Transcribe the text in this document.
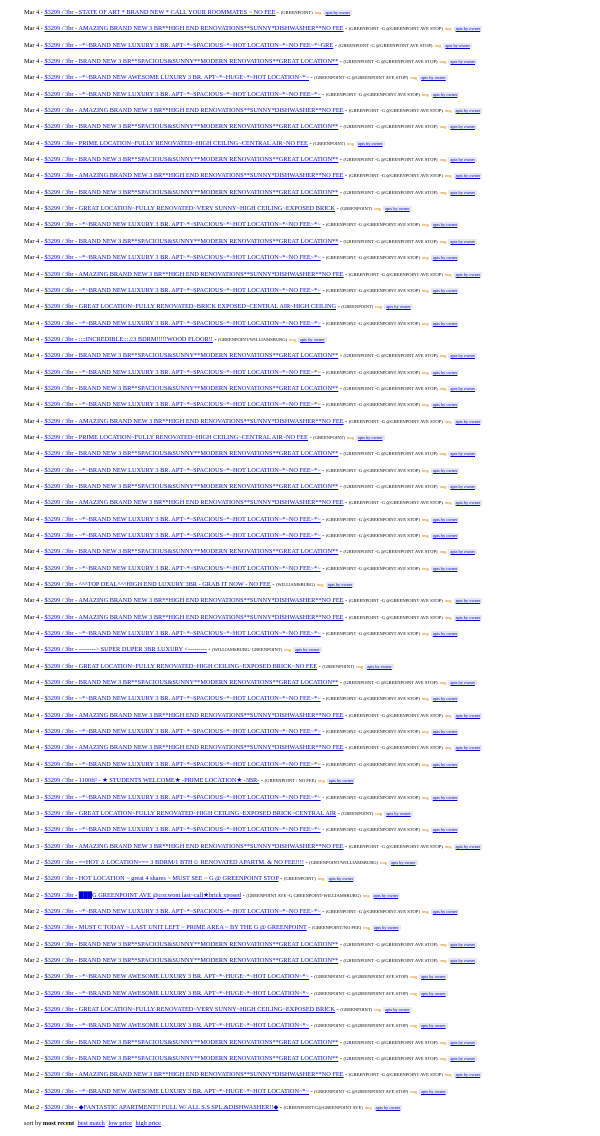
Mar 4 - $3299 / 3br - STATE OF ART * BRAND NEW * CALL YOUR ROOMMATES ~ NO FEE - (GREENPOINT) img apts by owner
Mar 4 - $3299 / 3br - AMAZING BRAND NEW 3 BR**HIGH END RENOVATIONS**SUNNY*DISHWASHER**NO FEE - (GREENPOINT -G @GREENPOINT AVE STOP) img apts by owner
Mar 4 - $3299 / 3br - ~*~BRAND NEW LUXURY 3 BR. APT~*~SPACIOUS~*~HOT LOCATION~*~NO FEE~*~GRE - (GREENPOINT -G @GREENPOINT AVE STOP) img apts by owner
Mar 4 - $3299 / 3br - BRAND NEW 3 BR**SPACIOUS&SUNNY**MODERN RENOVATIONS**GREAT LOCATION** - (GREENPOINT -G @GREENPOINT AVE STOP) img apts by owner
Mar 4 - $3299 / 3br - ~*~BRAND NEW AWESOME LUXURY 3 BR. APT~*~HUGE~*~HOT LOCATION~*~ - (GREENPOINT -G @GREENPOINT AVE STOP) img apts by owner
Mar 4 - $3299 / 3br - ~*~BRAND NEW LUXURY 3 BR. APT~*~SPACIOUS~*~HOT LOCATION~*~NO FEE~*~ - (GREENPOINT -G @GREENPOINT AVE STOP) img apts by owner
Mar 4 - $3299 / 3br - AMAZING BRAND NEW 3 BR**HIGH END RENOVATIONS**SUNNY*DISHWASHER**NO FEE - (GREENPOINT -G @GREENPOINT AVE STOP) img apts by owner
Mar 4 - $3299 / 3br - BRAND NEW 3 BR**SPACIOUS&SUNNY**MODERN RENOVATIONS**GREAT LOCATION** - (GREENPOINT -G @GREENPOINT AVE STOP) img apts by owner
Mar 4 - $3299 / 3br - PRIME LOCATION~FULLY RENOVATED~HIGH CEILING~CENTRAL AIR~NO FEE - (GREENPOINT) img apts by owner
Mar 4 - $3299 / 3br - BRAND NEW 3 BR**SPACIOUS&SUNNY**MODERN RENOVATIONS**GREAT LOCATION** - (GREENPOINT -G @GREENPOINT AVE STOP) img apts by owner
Mar 4 - $3299 / 3br - AMAZING BRAND NEW 3 BR**HIGH END RENOVATIONS**SUNNY*DISHWASHER**NO FEE - (GREENPOINT -G @GREENPOINT AVE STOP) img apts by owner
Mar 4 - $3299 / 3br - BRAND NEW 3 BR**SPACIOUS&SUNNY**MODERN RENOVATIONS**GREAT LOCATION** - (GREENPOINT -G @GREENPOINT AVE STOP) img apts by owner
Mar 4 - $3299 / 3br - GREAT LOCATION~FULLY RENOVATED~VERY SUNNY~HIGH CEILING~EXPOSED BRICK - (GREENPOINT) img apts by owner
Mar 4 - $3299 / 3br - ~*~BRAND NEW LUXURY 3 BR. APT~*~SPACIOUS~*~HOT LOCATION~*~NO FEE~*~ - (GREENPOINT -G @GREENPOINT AVE STOP) img apts by owner
Mar 4 - $3299 / 3br - BRAND NEW 3 BR**SPACIOUS&SUNNY**MODERN RENOVATIONS**GREAT LOCATION** - (GREENPOINT -G @GREENPOINT AVE STOP) img apts by owner
Mar 4 - $3299 / 3br - ~*~BRAND NEW LUXURY 3 BR. APT~*~SPACIOUS~*~HOT LOCATION~*~NO FEE~*~ - (GREENPOINT -G @GREENPOINT AVE STOP) img apts by owner
Mar 4 - $3299 / 3br - AMAZING BRAND NEW 3 BR**HIGH END RENOVATIONS**SUNNY*DISHWASHER**NO FEE - (GREENPOINT -G @GREENPOINT AVE STOP) img apts by owner
Mar 4 - $3299 / 3br - ~*~BRAND NEW LUXURY 3 BR. APT~*~SPACIOUS~*~HOT LOCATION~*~NO FEE~*~ - (GREENPOINT -G @GREENPOINT AVE STOP) img apts by owner
Mar 4 - $3299 / 3br - GREAT LOCATION~FULLY RENOVATED~BRICK EXPOSED~CENTRAL AIR~HIGH CEILING - (GREENPOINT) img apts by owner
Mar 4 - $3299 / 3br - ~*~BRAND NEW LUXURY 3 BR. APT~*~SPACIOUS~*~HOT LOCATION~*~NO FEE~*~ - (GREENPOINT -G @GREENPOINT AVE STOP) img apts by owner
Mar 4 - $3299 / 3br - ::::INCREDIBLE:::♫3 BDRM!!!!!WOOD FLOOR!! - (GREENPOINT/WILLIAMSBURG) img apts by owner
Mar 4 - $3299 / 3br - BRAND NEW 3 BR**SPACIOUS&SUNNY**MODERN RENOVATIONS**GREAT LOCATION** - (GREENPOINT -G @GREENPOINT AVE STOP) img apts by owner
Mar 4 - $3299 / 3br - ~*~BRAND NEW LUXURY 3 BR. APT~*~SPACIOUS~*~HOT LOCATION~*~NO FEE~*~ - (GREENPOINT -G @GREENPOINT AVE STOP) img apts by owner
Mar 4 - $3299 / 3br - BRAND NEW 3 BR**SPACIOUS&SUNNY**MODERN RENOVATIONS**GREAT LOCATION** - (GREENPOINT -G @GREENPOINT AVE STOP) img apts by owner
Mar 4 - $3299 / 3br - ~*~BRAND NEW LUXURY 3 BR. APT~*~SPACIOUS~*~HOT LOCATION~*~NO FEE~*~ - (GREENPOINT -G @GREENPOINT AVE STOP) img apts by owner
Mar 4 - $3299 / 3br - AMAZING BRAND NEW 3 BR**HIGH END RENOVATIONS**SUNNY*DISHWASHER**NO FEE - (GREENPOINT -G @GREENPOINT AVE STOP) img apts by owner
Mar 4 - $3299 / 3br - PRIME LOCATION~FULLY RENOVATED~HIGH CEILING~CENTRAL AIR~NO FEE - (GREENPOINT) img apts by owner
Mar 4 - $3299 / 3br - BRAND NEW 3 BR**SPACIOUS&SUNNY**MODERN RENOVATIONS**GREAT LOCATION** - (GREENPOINT -G @GREENPOINT AVE STOP) img apts by owner
Mar 4 - $3299 / 3br - ~*~BRAND NEW LUXURY 3 BR. APT~*~SPACIOUS~*~HOT LOCATION~*~NO FEE~*~ - (GREENPOINT -G @GREENPOINT AVE STOP) img apts by owner
Mar 4 - $3299 / 3br - BRAND NEW 3 BR**SPACIOUS&SUNNY**MODERN RENOVATIONS**GREAT LOCATION** - (GREENPOINT -G @GREENPOINT AVE STOP) img apts by owner
Mar 4 - $3299 / 3br - AMAZING BRAND NEW 3 BR**HIGH END RENOVATIONS**SUNNY*DISHWASHER**NO FEE - (GREENPOINT -G @GREENPOINT AVE STOP) img apts by owner
Mar 4 - $3299 / 3br - ~*~BRAND NEW LUXURY 3 BR. APT~*~SPACIOUS~*~HOT LOCATION~*~NO FEE~*~ - (GREENPOINT -G @GREENPOINT AVE STOP) img apts by owner
Mar 4 - $3299 / 3br - ~*~BRAND NEW LUXURY 3 BR. APT~*~SPACIOUS~*~HOT LOCATION~*~NO FEE~*~ - (GREENPOINT -G @GREENPOINT AVE STOP) img apts by owner
Mar 4 - $3299 / 3br - BRAND NEW 3 BR**SPACIOUS&SUNNY**MODERN RENOVATIONS**GREAT LOCATION** - (GREENPOINT -G @GREENPOINT AVE STOP) img apts by owner
Mar 4 - $3299 / 3br - ~*~BRAND NEW LUXURY 3 BR. APT~*~SPACIOUS~*~HOT LOCATION~*~NO FEE~*~ - (GREENPOINT -G @GREENPOINT AVE STOP) img apts by owner
Mar 4 - $3299 / 3br - ^^^TOP DEAL^^^HIGH END LUXURY 3BR - GRAB IT NOW - NO FEE - (WILLIAMSBURG) img apts by owner
Mar 4 - $3299 / 3br - AMAZING BRAND NEW 3 BR**HIGH END RENOVATIONS**SUNNY*DISHWASHER**NO FEE - (GREENPOINT -G @GREENPOINT AVE STOP) img apts by owner
Mar 4 - $3299 / 3br - AMAZING BRAND NEW 3 BR**HIGH END RENOVATIONS**SUNNY*DISHWASHER**NO FEE - (GREENPOINT -G @GREENPOINT AVE STOP) img apts by owner
Mar 4 - $3299 / 3br - ~*~BRAND NEW LUXURY 3 BR. APT~*~SPACIOUS~*~HOT LOCATION~*~NO FEE~*~ - (GREENPOINT -G @GREENPOINT AVE STOP) img apts by owner
Mar 4 - $3299 / 3br - --------> SUPER DUPER 3BR LUXURY <--------- - (WILLIAMSBURG/ GREENPOINT) img apts by owner
Mar 4 - $3299 / 3br - GREAT LOCATION~FULLY RENOVATED~HIGH CEILING~EXPOSED BRICK~NO FEE - (GREENPOINT) img apts by owner
Mar 4 - $3299 / 3br - BRAND NEW 3 BR**SPACIOUS&SUNNY**MODERN RENOVATIONS**GREAT LOCATION** - (GREENPOINT -G @GREENPOINT AVE STOP) img apts by owner
Mar 4 - $3299 / 3br - ~*~BRAND NEW LUXURY 3 BR. APT~*~SPACIOUS~*~HOT LOCATION~*~NO FEE~*~ - (GREENPOINT -G @GREENPOINT AVE STOP) img apts by owner
Mar 4 - $3299 / 3br - AMAZING BRAND NEW 3 BR**HIGH END RENOVATIONS**SUNNY*DISHWASHER**NO FEE - (GREENPOINT -G @GREENPOINT AVE STOP) img apts by owner
Mar 4 - $3299 / 3br - ~*~BRAND NEW LUXURY 3 BR. APT~*~SPACIOUS~*~HOT LOCATION~*~NO FEE~*~ - (GREENPOINT -G @GREENPOINT AVE STOP) img apts by owner
Mar 4 - $3299 / 3br - AMAZING BRAND NEW 3 BR**HIGH END RENOVATIONS**SUNNY*DISHWASHER**NO FEE - (GREENPOINT -G @GREENPOINT AVE STOP) img apts by owner
Mar 4 - $3299 / 3br - ~*~BRAND NEW LUXURY 3 BR. APT~*~SPACIOUS~*~HOT LOCATION~*~NO FEE~*~ - (GREENPOINT -G @GREENPOINT AVE STOP) img apts by owner
Mar 3 - $3299 / 3br - 1100ft² - ★ STUDENTS WELCOME★ -PRIME LOCATION★ -3BR- - (GREENPOINT / NO FEE) img apts by owner
Mar 3 - $3299 / 3br - ~*~BRAND NEW LUXURY 3 BR. APT~*~SPACIOUS~*~HOT LOCATION~*~NO FEE~*~ - (GREENPOINT -G @GREENPOINT AVE STOP) img apts by owner
Mar 3 - $3299 / 3br - GREAT LOCATION~FULLY RENOVATED~HIGH CEILING~EXPOSED BRICK~CENTRAL AIR - (GREENPOINT) img apts by owner
Mar 3 - $3299 / 3br - ~*~BRAND NEW LUXURY 3 BR. APT~*~SPACIOUS~*~HOT LOCATION~*~NO FEE~*~ - (GREENPOINT -G @GREENPOINT AVE STOP) img apts by owner
Mar 3 - $3299 / 3br - AMAZING BRAND NEW 3 BR**HIGH END RENOVATIONS**SUNNY*DISHWASHER**NO FEE - (GREENPOINT -G @GREENPOINT AVE STOP) img apts by owner
Mar 2 - $3299 / 3br - ==HOT ♫ LOCATION=== 3 BDRM/1 BTH☺ RENOVATED APARTM. & NO FEE!!!! - (GREENPOINT/WILLIAMSBURG) img apts by owner
Mar 2 - $3299 / 3br - HOT LOCATION ~ great 4 shares ~ MUST SEE ~ G @ GREENPOINT STOP - (GREENPOINT) img apts by owner
Mar 2 - $3299 / 3br - ███G GREENPOINT AVE @cor.wont last~call★brick xposed - (GREENPOINT AVE -G GREENPOINT-WILLIAMSBURG) img apts by owner
Mar 2 - $3299 / 3br - ~*~BRAND NEW LUXURY 3 BR. APT~*~SPACIOUS~*~HOT LOCATION~*~NO FEE~*~ - (GREENPOINT -G @GREENPOINT AVE STOP) img apts by owner
Mar 2 - $3299 / 3br - MUST C TODAY ~ LAST UNIT LEFT ~ PRIME AREA ~ BY THE G @ GREENPOINT - (GREENPOINT/NO FEE) img apts by owner
Mar 2 - $3299 / 3br - BRAND NEW 3 BR**SPACIOUS&SUNNY**MODERN RENOVATIONS**GREAT LOCATION** - (GREENPOINT -G @GREENPOINT AVE STOP) img apts by owner
Mar 2 - $3299 / 3br - BRAND NEW 3 BR**SPACIOUS&SUNNY**MODERN RENOVATIONS**GREAT LOCATION** - (GREENPOINT -G @GREENPOINT AVE STOP) img apts by owner
Mar 2 - $3299 / 3br - ~*~BRAND NEW AWESOME LUXURY 3 BR. APT~*~HUGE~*~HOT LOCATION~*~ - (GREENPOINT -G @GREENPOINT AVE STOP) img apts by owner
Mar 2 - $3299 / 3br - ~*~BRAND NEW AWESOME LUXURY 3 BR. APT~*~HUGE~*~HOT LOCATION~*~ - (GREENPOINT -G @GREENPOINT AVE STOP) img apts by owner
Mar 2 - $3299 / 3br - GREAT LOCATION~FULLY RENOVATED~VERY SUNNY~HIGH CEILING~EXPOSED BRICK - (GREENPOINT) img apts by owner
Mar 2 - $3299 / 3br - ~*~BRAND NEW AWESOME LUXURY 3 BR. APT~*~HUGE~*~HOT LOCATION~*~ - (GREENPOINT -G @GREENPOINT AVE STOP) img apts by owner
Mar 2 - $3299 / 3br - BRAND NEW 3 BR**SPACIOUS&SUNNY**MODERN RENOVATIONS**GREAT LOCATION** - (GREENPOINT -G @GREENPOINT AVE STOP) img apts by owner
Mar 2 - $3299 / 3br - BRAND NEW 3 BR**SPACIOUS&SUNNY**MODERN RENOVATIONS**GREAT LOCATION** - (GREENPOINT -G @GREENPOINT AVE STOP) img apts by owner
Mar 2 - $3299 / 3br - AMAZING BRAND NEW 3 BR**HIGH END RENOVATIONS**SUNNY*DISHWASHER**NO FEE - (GREENPOINT -G @GREENPOINT AVE STOP) img apts by owner
Mar 2 - $3299 / 3br - ~*~BRAND NEW AWESOME LUXURY 3 BR. APT~*~HUGE~*~HOT LOCATION~*~ - (GREENPOINT -G @GREENPOINT AVE STOP) img apts by owner
Mar 2 - $3299 / 3br - ◆FANTASTIC APARTMENT!! FULL W/ ALL S.S SPL.&DISHWASHER!!◆ - (GREENPOINT/G@GREENPOINT AVE) img apts by owner
sort by most recent best match low price high price
